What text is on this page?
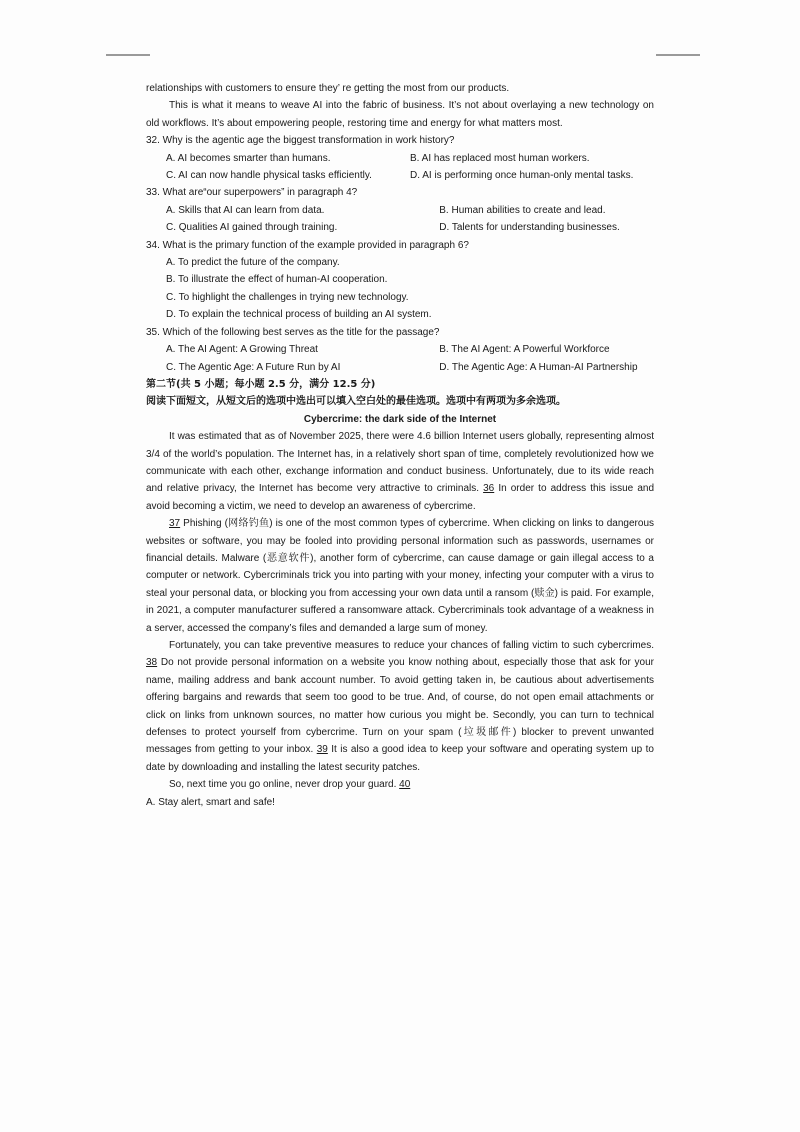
relationships with customers to ensure they’ re getting the most from our products.

This is what it means to weave AI into the fabric of business. It’s not about overlaying a new technology on old workflows. It’s about empowering people, restoring time and energy for what matters most.

32. Why is the agentic age the biggest transformation in work history?

A. AI becomes smarter than humans.	B. AI has replaced most human workers.
C. AI can now handle physical tasks efficiently.	D. AI is performing once human-only mental tasks.

33. What are“our superpowers” in paragraph 4?

A. Skills that AI can learn from data.	B. Human abilities to create and lead.
C. Qualities AI gained through training.	D. Talents for understanding businesses.

34. What is the primary function of the example provided in paragraph 6?

A. To predict the future of the company.
B. To illustrate the effect of human-AI cooperation.
C. To highlight the challenges in trying new technology.
D. To explain the technical process of building an AI system.

35. Which of the following best serves as the title for the passage?

A. The AI Agent: A Growing Threat	B. The AI Agent: A Powerful Workforce
C. The Agentic Age: A Future Run by AI	D. The Agentic Age: A Human-AI Partnership

第二节(共 5 小题；每小题 2.5 分，满分 12.5 分)

阅读下面短文，从短文后的选项中选出可以填入空白处的最佳选项。选项中有两项为多余选项。

Cybercrime: the dark side of the Internet

It was estimated that as of November 2025, there were 4.6 billion Internet users globally, representing almost 3/4 of the world’s population. The Internet has, in a relatively short span of time, completely revolutionized how we communicate with each other, exchange information and conduct business. Unfortunately, due to its wide reach and relative privacy, the Internet has become very attractive to criminals. 36 In order to address this issue and avoid becoming a victim, we need to develop an awareness of cybercrime.

37 Phishing (网络钓鱼) is one of the most common types of cybercrime. When clicking on links to dangerous websites or software, you may be fooled into providing personal information such as passwords, usernames or financial details. Malware (恶意软件), another form of cybercrime, can cause damage or gain illegal access to a computer or network. Cybercriminals trick you into parting with your money, infecting your computer with a virus to steal your personal data, or blocking you from accessing your own data until a ransom (赎金) is paid. For example, in 2021, a computer manufacturer suffered a ransomware attack. Cybercriminals took advantage of a weakness in a server, accessed the company’s files and demanded a large sum of money.

Fortunately, you can take preventive measures to reduce your chances of falling victim to such cybercrimes. 38 Do not provide personal information on a website you know nothing about, especially those that ask for your name, mailing address and bank account number. To avoid getting taken in, be cautious about advertisements offering bargains and rewards that seem too good to be true. And, of course, do not open email attachments or click on links from unknown sources, no matter how curious you might be. Secondly, you can turn to technical defenses to protect yourself from cybercrime. Turn on your spam (垃圾邮件) blocker to prevent unwanted messages from getting to your inbox. 39 It is also a good idea to keep your software and operating system up to date by downloading and installing the latest security patches.

So, next time you go online, never drop your guard. 40

A. Stay alert, smart and safe!
